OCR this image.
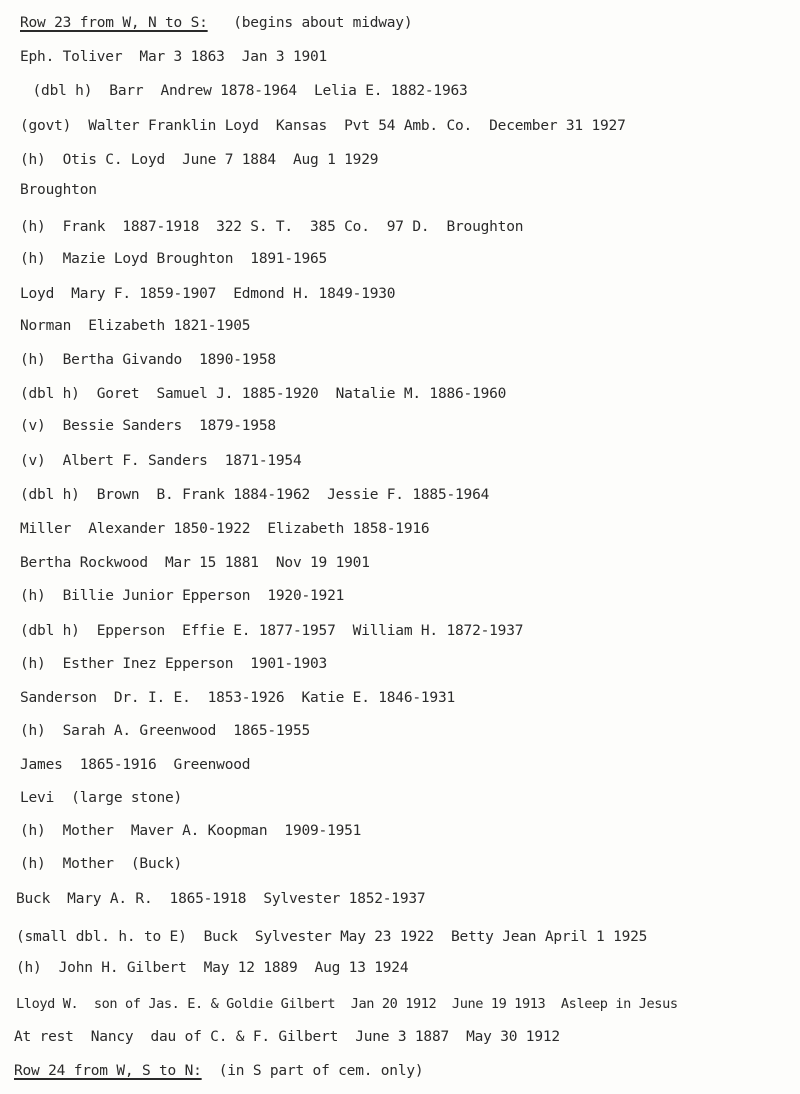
Row 23 from W, N to S:   (begins about midway)
Eph. Toliver  Mar 3 1863  Jan 3 1901
(dbl h)  Barr  Andrew 1878-1964  Lelia E. 1882-1963
(govt)  Walter Franklin Loyd  Kansas  Pvt 54 Amb. Co.  December 31 1927
(h)  Otis C. Loyd  June 7 1884  Aug 1 1929
Broughton
(h)  Frank  1887-1918  322 S. T.  385 Co.  97 D.  Broughton
(h)  Mazie Loyd Broughton  1891-1965
Loyd  Mary F. 1859-1907  Edmond H. 1849-1930
Norman  Elizabeth 1821-1905
(h)  Bertha Givando  1890-1958
(dbl h)  Goret  Samuel J. 1885-1920  Natalie M. 1886-1960
(v)  Bessie Sanders  1879-1958
(v)  Albert F. Sanders  1871-1954
(dbl h)  Brown  B. Frank 1884-1962  Jessie F. 1885-1964
Miller  Alexander 1850-1922  Elizabeth 1858-1916
Bertha Rockwood  Mar 15 1881  Nov 19 1901
(h)  Billie Junior Epperson  1920-1921
(dbl h)  Epperson  Effie E. 1877-1957  William H. 1872-1937
(h)  Esther Inez Epperson  1901-1903
Sanderson  Dr. I. E.  1853-1926  Katie E. 1846-1931
(h)  Sarah A. Greenwood  1865-1955
James  1865-1916  Greenwood
Levi  (large stone)
(h)  Mother  Maver A. Koopman  1909-1951
(h)  Mother  (Buck)
Buck  Mary A. R.  1865-1918  Sylvester 1852-1937
(small dbl. h. to E)  Buck  Sylvester May 23 1922  Betty Jean April 1 1925
(h)  John H. Gilbert  May 12 1889  Aug 13 1924
Lloyd W.  son of Jas. E. & Goldie Gilbert  Jan 20 1912  June 19 1913  Asleep in Jesus
At rest  Nancy  dau of C. & F. Gilbert  June 3 1887  May 30 1912
Row 24 from W, S to N:  (in S part of cem. only)
